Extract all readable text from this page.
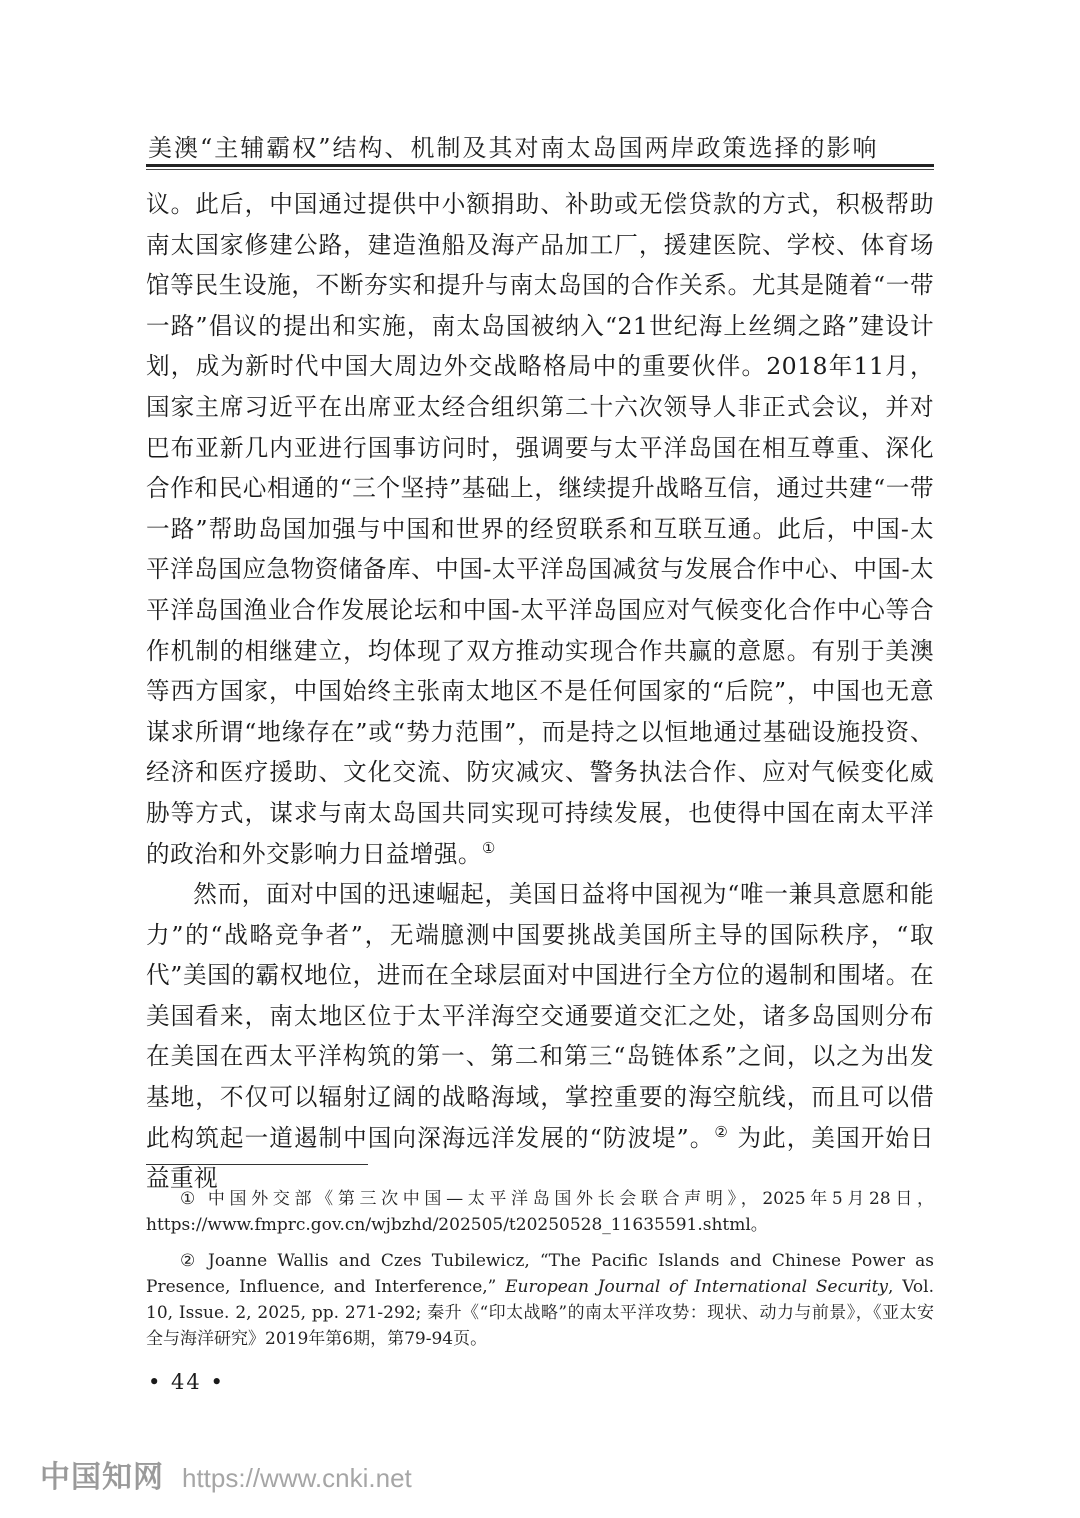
美澳“主辅霸权”结构、机制及其对南太岛国两岸政策选择的影响

议。此后，中国通过提供中小额捐助、补助或无偿贷款的方式，积极帮助南太国家修建公路，建造渔船及海产品加工厂，援建医院、学校、体育场馆等民生设施，不断夯实和提升与南太岛国的合作关系。尤其是随着“一带一路”倡议的提出和实施，南太岛国被纳入“21世纪海上丝绸之路”建设计划，成为新时代中国大周边外交战略格局中的重要伙伴。2018年11月，国家主席习近平在出席亚太经合组织第二十六次领导人非正式会议，并对巴布亚新几内亚进行国事访问时，强调要与太平洋岛国在相互尊重、深化合作和民心相通的“三个坚持”基础上，继续提升战略互信，通过共建“一带一路”帮助岛国加强与中国和世界的经贸联系和互联互通。此后，中国-太平洋岛国应急物资储备库、中国-太平洋岛国减贫与发展合作中心、中国-太平洋岛国渔业合作发展论坛和中国-太平洋岛国应对气候变化合作中心等合作机制的相继建立，均体现了双方推动实现合作共赢的意愿。有别于美澳等西方国家，中国始终主张南太地区不是任何国家的“后院”，中国也无意谋求所谓“地缘存在”或“势力范围”，而是持之以恒地通过基础设施投资、经济和医疗援助、文化交流、防灾减灾、警务执法合作、应对气候变化威胁等方式，谋求与南太岛国共同实现可持续发展，也使得中国在南太平洋的政治和外交影响力日益增强。①

然而，面对中国的迅速崛起，美国日益将中国视为“唯一兼具意愿和能力”的“战略竞争者”，无端臆测中国要挑战美国所主导的国际秩序，“取代”美国的霸权地位，进而在全球层面对中国进行全方位的遏制和围堵。在美国看来，南太地区位于太平洋海空交通要道交汇之处，诸多岛国则分布在美国在西太平洋构筑的第一、第二和第三“岛链体系”之间，以之为出发基地，不仅可以辐射辽阔的战略海域，掌控重要的海空航线，而且可以借此构筑起一道遏制中国向深海远洋发展的“防波堤”。② 为此，美国开始日益重视

① 中国外交部《第三次中国—太平洋岛国外长会联合声明》，2025年5月28日，https://www.fmprc.gov.cn/wjbzhd/202505/t20250528_11635591.shtml。

② Joanne Wallis and Czes Tubilewicz, “The Pacific Islands and Chinese Power as Presence, Influence, and Interference,” European Journal of International Security, Vol. 10, Issue. 2, 2025, pp. 271-292; 秦升《“印太战略”的南太平洋攻势：现状、动力与前景》，《亚太安全与海洋研究》2019年第6期，第79-94页。

• 44 •
中国知网 https://www.cnki.net
